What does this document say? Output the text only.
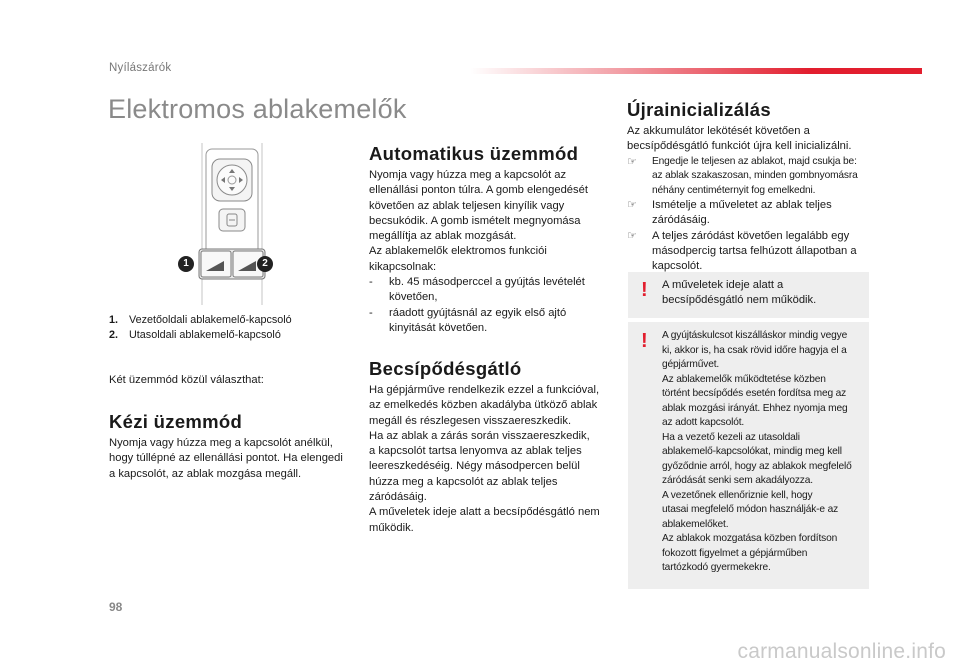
Nyílászárók
Elektromos ablakemelők
1	2
1 . Vezetőoldali ablakemelő-kapcsoló
2 . Utasoldali ablakemelő-kapcsoló
Két üzemmód közül választhat:
Kézi üzemmód
Nyomja vagy húzza meg a kapcsolót anélkül,
hogy túllépné az ellenállási pontot. Ha elengedi
a kapcsolót, az ablak mozgása megáll.
Automatikus üzemmód
Nyomja vagy húzza meg a kapcsolót az
ellenállási ponton túlra. A gomb elengedését
követően az ablak teljesen kinyílik vagy
becsukódik. A gomb ismételt megnyomása
megállítja az ablak mozgását.
Az ablakemelők elektromos funkciói
kikapcsolnak:
- kb. 45 másodperccel a gyújtás levételét
követően,
- ráadott gyújtásnál az egyik első ajtó
kinyitását követően.
Becsípődésgátló
Ha gépjárműve rendelkezik ezzel a funkcióval,
az emelkedés közben akadályba ütköző ablak
megáll és részlegesen visszaereszkedik.
Ha az ablak a zárás során visszaereszkedik,
a kapcsolót tartsa lenyomva az ablak teljes
leereszkedéséig. Négy másodpercen belül
húzza meg a kapcsolót az ablak teljes
záródásáig.
A műveletek ideje alatt a becsípődésgátló nem
működik.
Újrainicializálás
Az akkumulátor lekötését követően a
becsípődésgátló funkciót újra kell inicializálni.
☞ Engedje le teljesen az ablakot, majd csukja be:
az ablak szakaszosan, minden gombnyomásra
néhány centiméternyit fog emelkedni.
☞ Ismételje a műveletet az ablak teljes
záródásáig.
☞ A teljes záródást követően legalább egy
másodpercig tartsa felhúzott állapotban a
kapcsolót.
! A műveletek ideje alatt a
becsípődésgátló nem működik.
! A gyújtáskulcsot kiszálláskor mindig vegye
ki, akkor is, ha csak rövid időre hagyja el a
gépjárművet.
Az ablakemelők működtetése közben
történt becsípődés esetén fordítsa meg az
ablak mozgási irányát. Ehhez nyomja meg
az adott kapcsolót.
Ha a vezető kezeli az utasoldali
ablakemelő-kapcsolókat, mindig meg kell
győződnie arról, hogy az ablakok megfelelő
záródását senki sem akadályozza.
A vezetőnek ellenőriznie kell, hogy
utasai megfelelő módon használják-e az
ablakemelőket.
Az ablakok mozgatása közben fordítson
fokozott figyelmet a gépjárműben
tartózkodó gyermekekre.
98
carmanualsonline.info
